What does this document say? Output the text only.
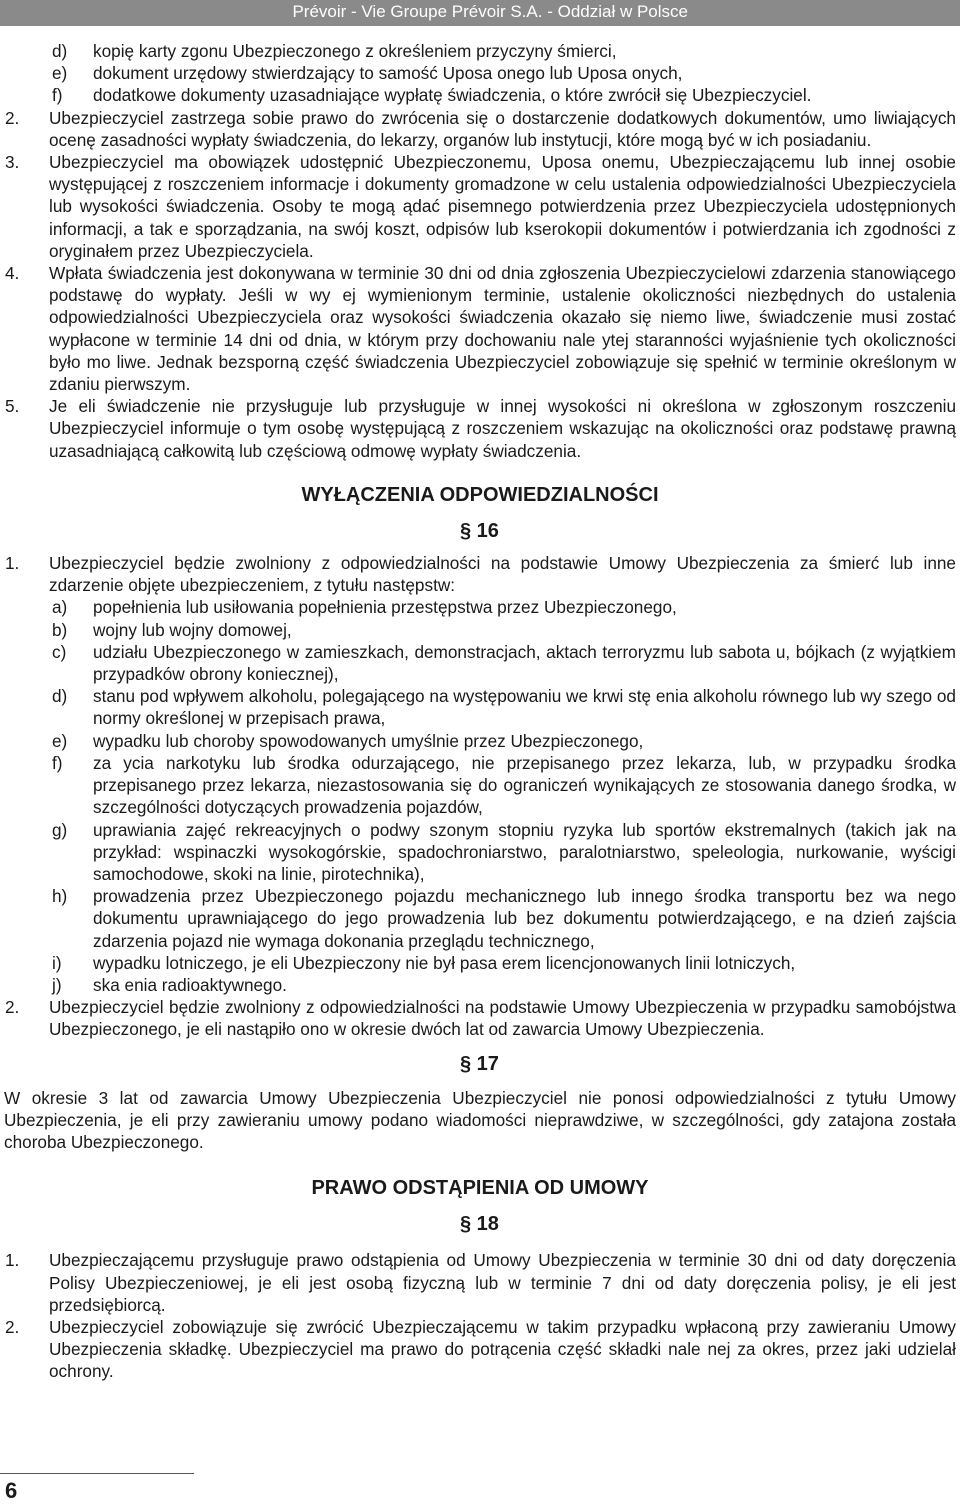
Prévoir - Vie Groupe Prévoir S.A. - Oddział w Polsce
d) kopię karty zgonu Ubezpieczonego z określeniem przyczyny śmierci,
e) dokument urzędowy stwierdzający to samość Uposa onego lub Uposa onych,
f) dodatkowe dokumenty uzasadniające wypłatę świadczenia, o które zwrócił się Ubezpieczyciel.
2. Ubezpieczyciel zastrzega sobie prawo do zwrócenia się o dostarczenie dodatkowych dokumentów, umo liwiających ocenę zasadności wypłaty świadczenia, do lekarzy, organów lub instytucji, które mogą być w ich posiadaniu.
3. Ubezpieczyciel ma obowiązek udostępnić Ubezpieczonemu, Uposa onemu, Ubezpieczającemu lub innej osobie występującej z roszczeniem informacje i dokumenty gromadzone w celu ustalenia odpowiedzialności Ubezpieczyciela lub wysokości świadczenia. Osoby te mogą ądać pisemnego potwierdzenia przez Ubezpieczyciela udostępnionych informacji, a tak e sporządzania, na swój koszt, odpisów lub kserokopii dokumentów i potwierdzania ich zgodności z oryginałem przez Ubezpieczyciela.
4. Wpłata świadczenia jest dokonywana w terminie 30 dni od dnia zgłoszenia Ubezpieczycielowi zdarzenia stanowiącego podstawę do wypłaty. Jeśli w wy ej wymienionym terminie, ustalenie okoliczności niezbędnych do ustalenia odpowiedzialności Ubezpieczyciela oraz wysokości świadczenia okazało się niemo liwe, świadczenie musi zostać wypłacone w terminie 14 dni od dnia, w którym przy dochowaniu nale ytej staranności wyjaśnienie tych okoliczności było mo liwe. Jednak bezsporną część świadczenia Ubezpieczyciel zobowiązuje się spełnić w terminie określonym w zdaniu pierwszym.
5. Je eli świadczenie nie przysługuje lub przysługuje w innej wysokości ni określona w zgłoszonym roszczeniu Ubezpieczyciel informuje o tym osobę występującą z roszczeniem wskazując na okoliczności oraz podstawę prawną uzasadniającą całkowitą lub częściową odmowę wypłaty świadczenia.
WYŁĄCZENIA ODPOWIEDZIALNOŚCI
§ 16
1. Ubezpieczyciel będzie zwolniony z odpowiedzialności na podstawie Umowy Ubezpieczenia za śmierć lub inne zdarzenie objęte ubezpieczeniem, z tytułu następstw:
a) popełnienia lub usiłowania popełnienia przestępstwa przez Ubezpieczonego,
b) wojny lub wojny domowej,
c) udziału Ubezpieczonego w zamieszkach, demonstracjach, aktach terroryzmu lub sabota u, bójkach (z wyjątkiem przypadków obrony koniecznej),
d) stanu pod wpływem alkoholu, polegającego na występowaniu we krwi stę enia alkoholu równego lub wy szego od normy określonej w przepisach prawa,
e) wypadku lub choroby spowodowanych umyślnie przez Ubezpieczonego,
f) za ycia narkotyku lub środka odurzającego, nie przepisanego przez lekarza, lub, w przypadku środka przepisanego przez lekarza, niezastosowania się do ograniczeń wynikających ze stosowania danego środka, w szczególności dotyczących prowadzenia pojazdów,
g) uprawiania zajęć rekreacyjnych o podwy szonym stopniu ryzyka lub sportów ekstremalnych (takich jak na przykład: wspinaczki wysokogórskie, spadochroniarstwo, paralotniarstwo, speleologia, nurkowanie, wyścigi samochodowe, skoki na linie, pirotechnika),
h) prowadzenia przez Ubezpieczonego pojazdu mechanicznego lub innego środka transportu bez wa nego dokumentu uprawniającego do jego prowadzenia lub bez dokumentu potwierdzającego, e na dzień zajścia zdarzenia pojazd nie wymaga dokonania przeglądu technicznego,
i) wypadku lotniczego, je eli Ubezpieczony nie był pasa erem licencjonowanych linii lotniczych,
j) ska enia radioaktywnego.
2. Ubezpieczyciel będzie zwolniony z odpowiedzialności na podstawie Umowy Ubezpieczenia w przypadku samobójstwa Ubezpieczonego, je eli nastąpiło ono w okresie dwóch lat od zawarcia Umowy Ubezpieczenia.
§ 17
W okresie 3 lat od zawarcia Umowy Ubezpieczenia Ubezpieczyciel nie ponosi odpowiedzialności z tytułu Umowy Ubezpieczenia, je eli przy zawieraniu umowy podano wiadomości nieprawdziwe, w szczególności, gdy zatajona została choroba Ubezpieczonego.
PRAWO ODSTĄPIENIA OD UMOWY
§ 18
1. Ubezpieczającemu przysługuje prawo odstąpienia od Umowy Ubezpieczenia w terminie 30 dni od daty doręczenia Polisy Ubezpieczeniowej, je eli jest osobą fizyczną lub w terminie 7 dni od daty doręczenia polisy, je eli jest przedsiębiorcą.
2. Ubezpieczyciel zobowiązuje się zwrócić Ubezpieczającemu w takim przypadku wpłaconą przy zawieraniu Umowy Ubezpieczenia składkę. Ubezpieczyciel ma prawo do potrącenia część składki nale nej za okres, przez jaki udzielał ochrony.
6
